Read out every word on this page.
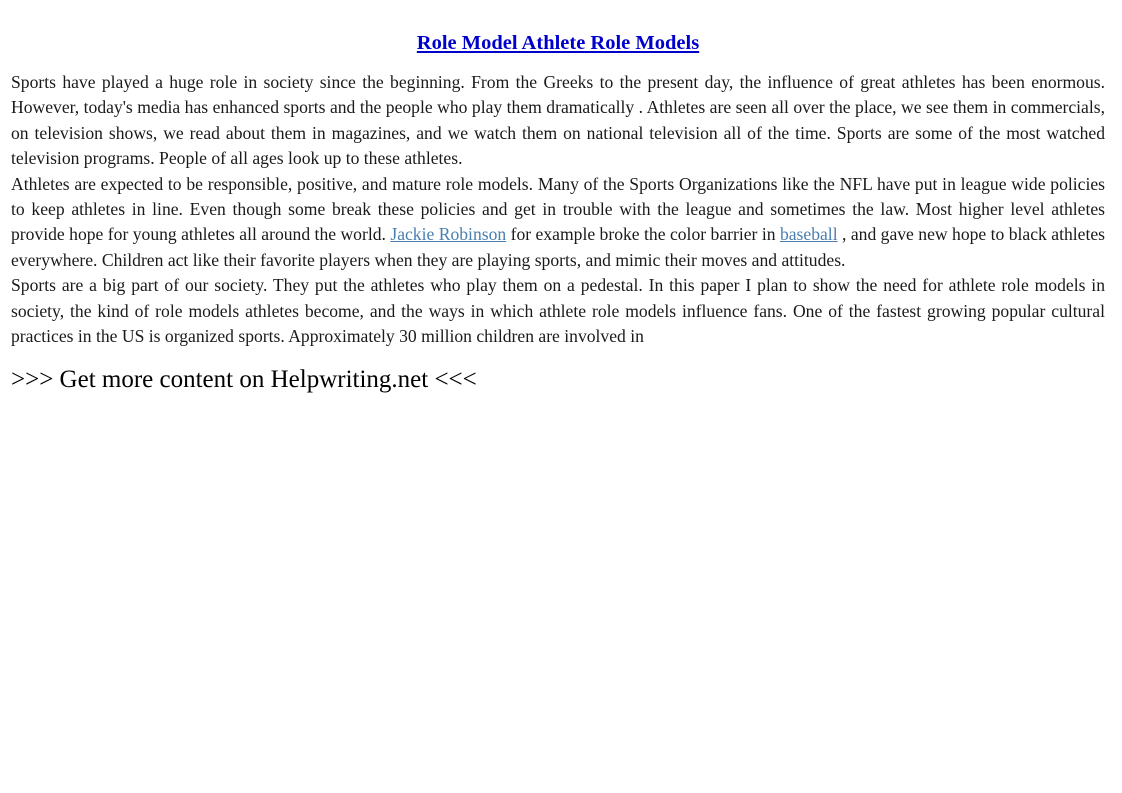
Role Model Athlete Role Models

Sports have played a huge role in society since the beginning. From the Greeks to the present day, the influence of great athletes has been enormous. However, today's media has enhanced sports and the people who play them dramatically . Athletes are seen all over the place, we see them in commercials, on television shows, we read about them in magazines, and we watch them on national television all of the time. Sports are some of the most watched television programs. People of all ages look up to these athletes.

Athletes are expected to be responsible, positive, and mature role models. Many of the Sports Organizations like the NFL have put in league wide policies to keep athletes in line. Even though some break these policies and get in trouble with the league and sometimes the law. Most higher level athletes provide hope for young athletes all around the world. Jackie Robinson for example broke the color barrier in baseball , and gave new hope to black athletes everywhere. Children act like their favorite players when they are playing sports, and mimic their moves and attitudes.

Sports are a big part of our society. They put the athletes who play them on a pedestal. In this paper I plan to show the need for athlete role models in society, the kind of role models athletes become, and the ways in which athlete role models influence fans. One of the fastest growing popular cultural practices in the US is organized sports. Approximately 30 million children are involved in

>>> Get more content on Helpwriting.net <<<
